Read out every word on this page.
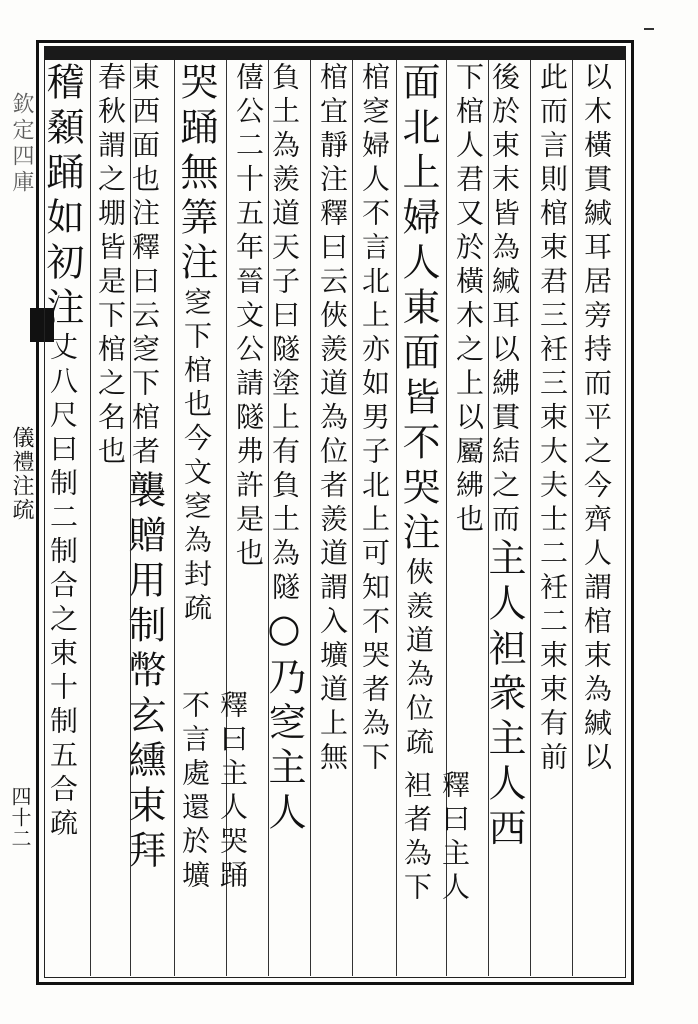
欽定四庫
儀禮注疏
四十二
以木橫貫緘耳居旁持而平之今齊人謂棺束為緘以
此而言則棺束君三衽三束大夫士二衽二束束有前
後於束末皆為緘耳以紼貫結之而主人袒衆主人西
下棺人君又於橫木之上以屬紼也
面北上婦人東面皆不哭注俠羨道為位疏
釋曰主人
棺窆婦人不言北上亦如男子北上可知不哭者為下
袒者為下
棺宜靜注釋曰云俠羨道為位者羨道謂入壙道上無
負土為羨道天子曰隧塗上有負土為隧○乃窆主人
僖公二十五年晉文公請隧弗許是也
哭踊無筭注窆下棺也今文窆為封疏
釋曰主人哭踊
不言處還於壙
東西面也注釋曰云窆下棺者襲贈用制幣玄纁束拜
春秋謂之堋皆是下棺之名也
稽顙踊如初注丈八尺曰制二制合之束十制五合疏
